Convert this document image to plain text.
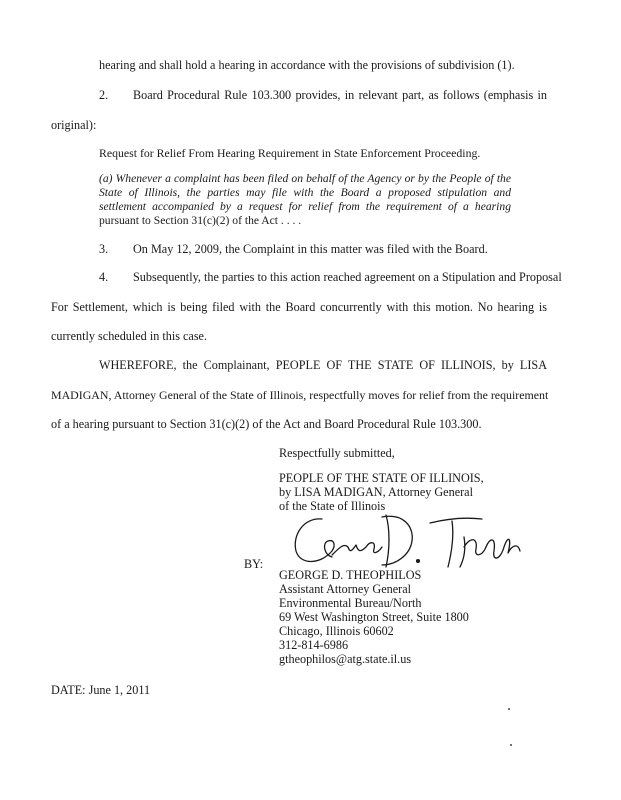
hearing and shall hold a hearing in accordance with the provisions of subdivision (1).
2. Board Procedural Rule 103.300 provides, in relevant part, as follows (emphasis in
original):
Request for Relief From Hearing Requirement in State Enforcement Proceeding.
(a) Whenever a complaint has been filed on behalf of the Agency or by the People of the
State of Illinois, the parties may file with the Board a proposed stipulation and
settlement accompanied by a request for relief from the requirement of a hearing
pursuant to Section 31(c)(2) of the Act . . . .
3. On May 12, 2009, the Complaint in this matter was filed with the Board.
4. Subsequently, the parties to this action reached agreement on a Stipulation and Proposal
For Settlement, which is being filed with the Board concurrently with this motion. No hearing is
currently scheduled in this case.
WHEREFORE, the Complainant, PEOPLE OF THE STATE OF ILLINOIS, by LISA
MADIGAN, Attorney General of the State of Illinois, respectfully moves for relief from the requirement
of a hearing pursuant to Section 31(c)(2) of the Act and Board Procedural Rule 103.300.
Respectfully submitted,
PEOPLE OF THE STATE OF ILLINOIS,
by LISA MADIGAN, Attorney General
of the State of Illinois
BY:
GEORGE D. THEOPHILOS
Assistant Attorney General
Environmental Bureau/North
69 West Washington Street, Suite 1800
Chicago, Illinois 60602
312-814-6986
gtheophilos@atg.state.il.us
DATE: June 1, 2011
